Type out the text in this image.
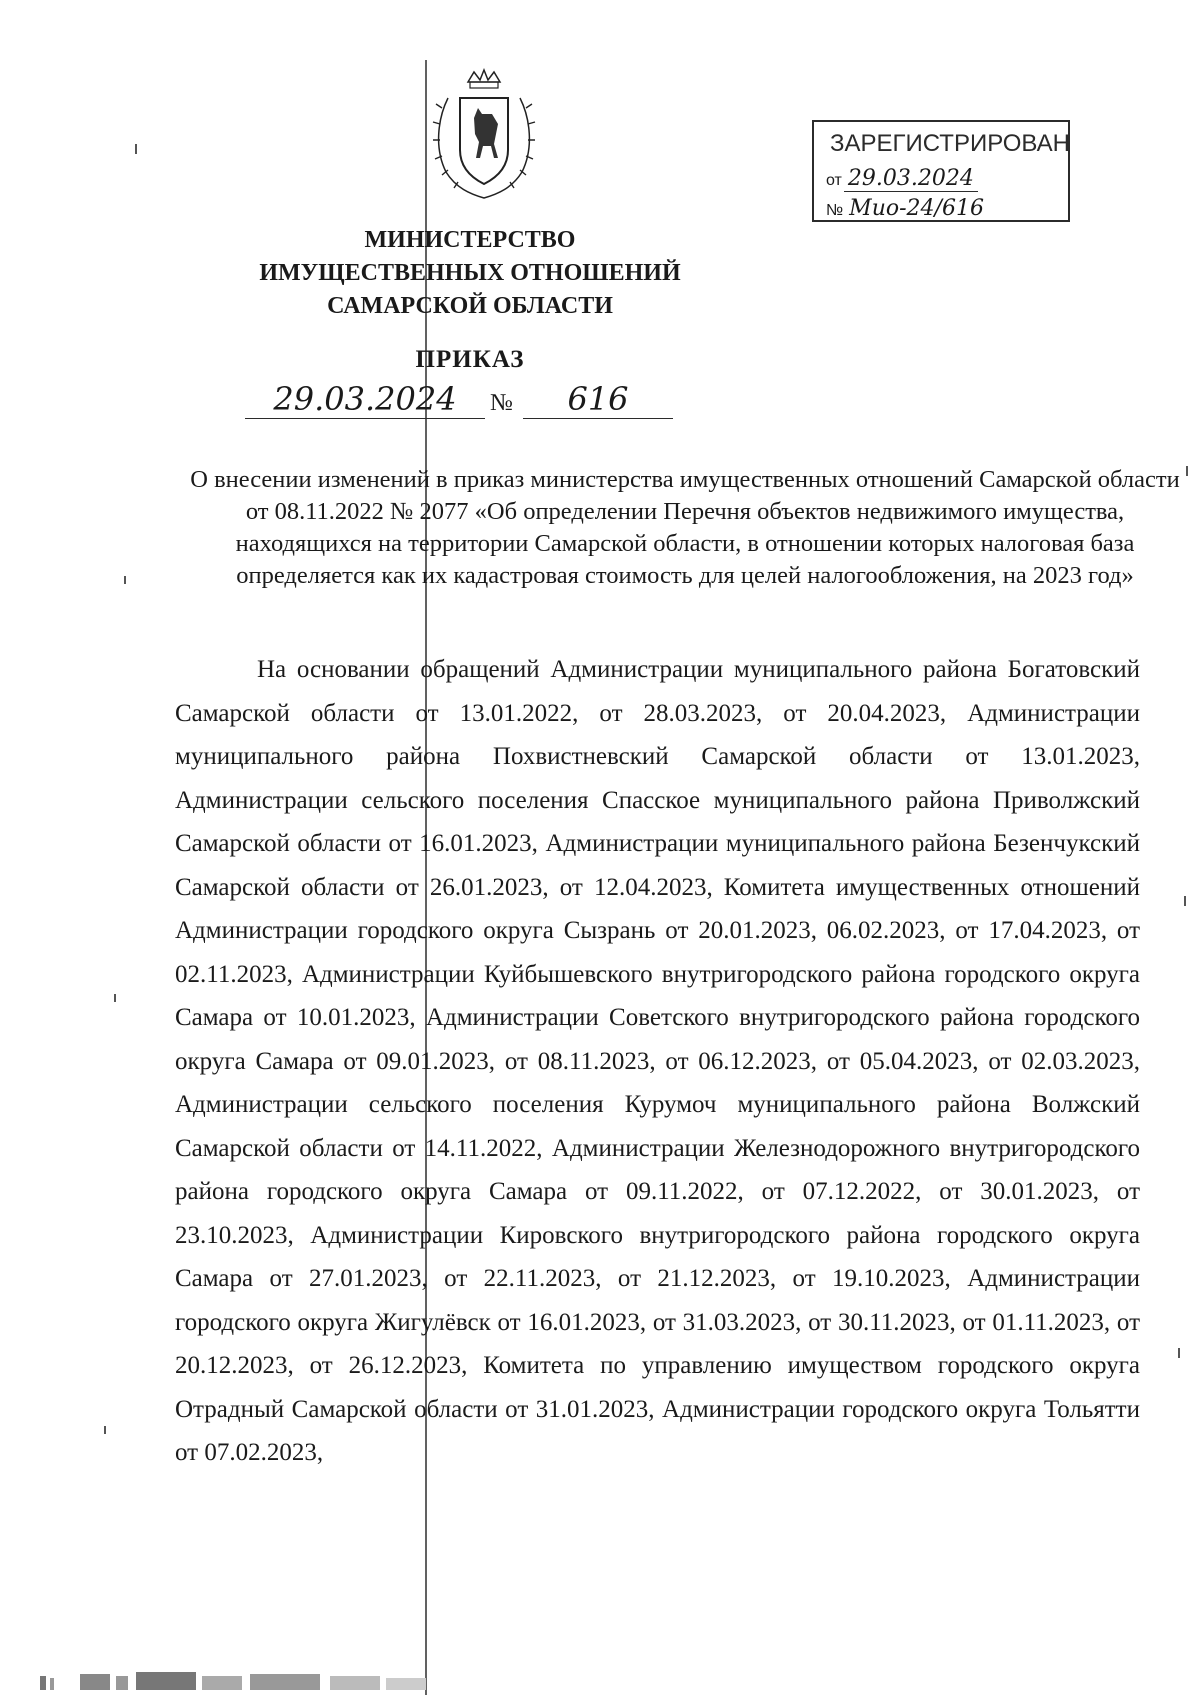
ЗАРЕГИСТРИРОВАН
от 29.03.2024
№ Мио-24/616
МИНИСТЕРСТВО
ИМУЩЕСТВЕННЫХ ОТНОШЕНИЙ
САМАРСКОЙ ОБЛАСТИ
ПРИКАЗ
29.03.2024	№	616
О внесении изменений в приказ министерства имущественных отношений Самарской области от 08.11.2022 № 2077 «Об определении Перечня объектов недвижимого имущества, находящихся на территории Самарской области, в отношении которых налоговая база определяется как их кадастровая стоимость для целей налогообложения, на 2023 год»

На основании обращений Администрации муниципального района Богатовский Самарской области от 13.01.2022, от 28.03.2023, от 20.04.2023, Администрации муниципального района Похвистневский Самарской области от 13.01.2023, Администрации сельского поселения Спасское муниципального района Приволжский Самарской области от 16.01.2023, Администрации муниципального района Безенчукский Самарской области от 26.01.2023, от 12.04.2023, Комитета имущественных отношений Администрации городского округа Сызрань от 20.01.2023, 06.02.2023, от 17.04.2023, от 02.11.2023, Администрации Куйбышевского внутригородского района городского округа Самара от 10.01.2023, Администрации Советского внутригородского района городского округа Самара от 09.01.2023, от 08.11.2023, от 06.12.2023, от 05.04.2023, от 02.03.2023, Администрации сельского поселения Курумоч муниципального района Волжский Самарской области от 14.11.2022, Администрации Железнодорожного внутригородского района городского округа Самара от 09.11.2022, от 07.12.2022, от 30.01.2023, от 23.10.2023, Администрации Кировского внутригородского района городского округа Самара от 27.01.2023, от 22.11.2023, от 21.12.2023, от 19.10.2023, Администрации городского округа Жигулёвск от 16.01.2023, от 31.03.2023, от 30.11.2023, от 01.11.2023, от 20.12.2023, от 26.12.2023, Комитета по управлению имуществом городского округа Отрадный Самарской области от 31.01.2023, Администрации городского округа Тольятти от 07.02.2023,
